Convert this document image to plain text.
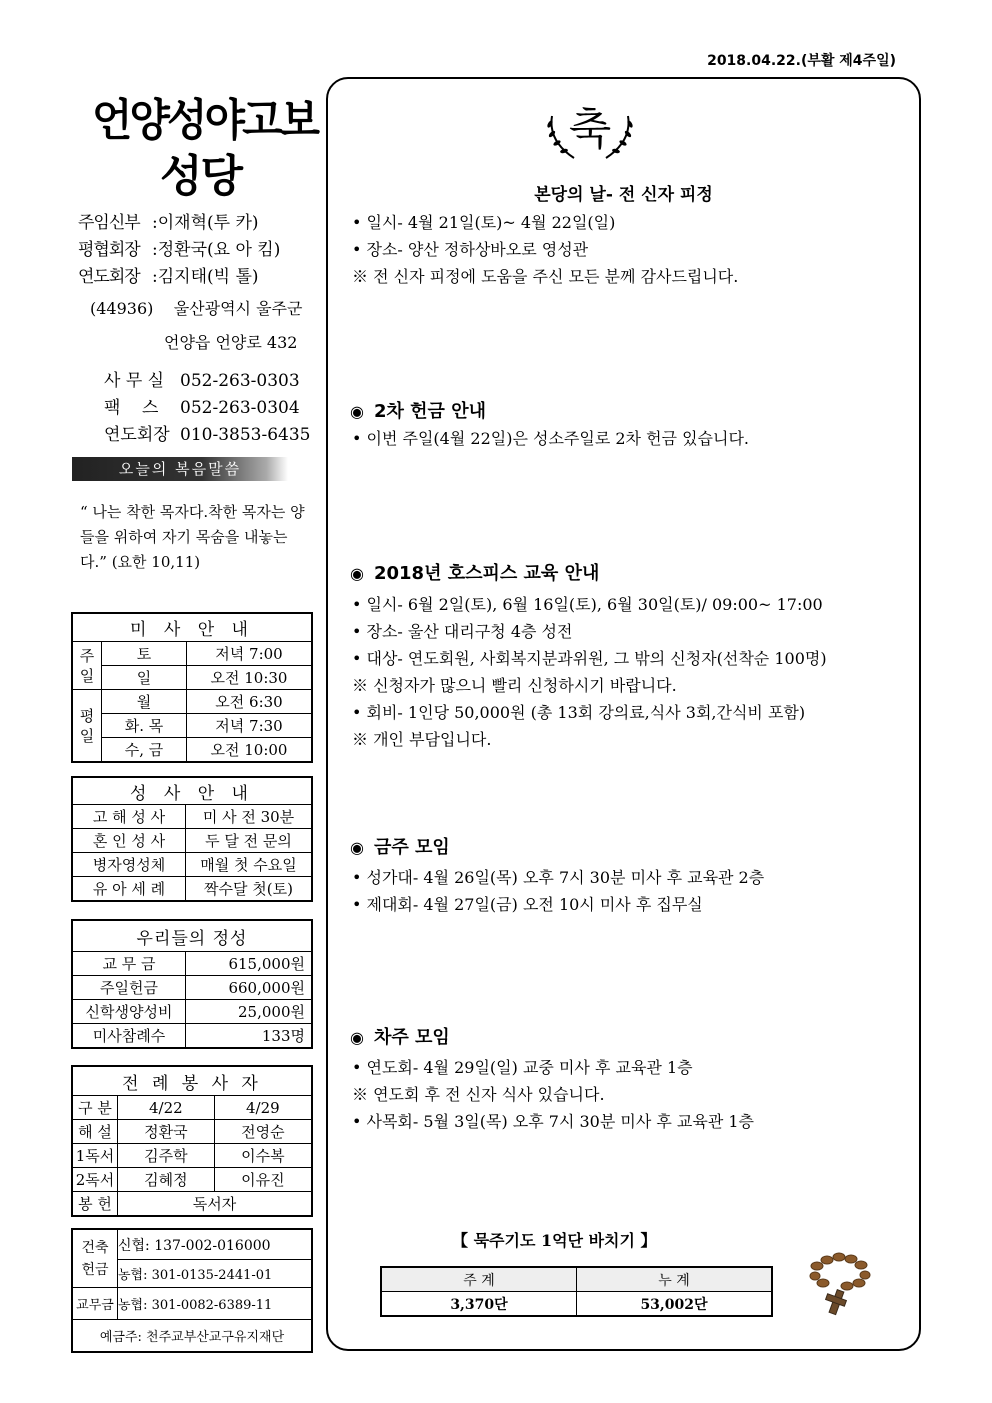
2018.04.22.(부활 제4주일)
언양성야고보
성당
주임신부 :이재혁(투 카)
평협회장 :정환국(요 아 킴)
연도회장 :김지태(빅 톨)
(44936)    울산광역시 울주군
언양읍 언양로 432
사 무 실 052-263-0303
팩    스 052-263-0304
연도회장 010-3853-6435
오늘의 복음말씀
“ 나는 착한 목자다.착한 목자는 양들을 위하여 자기 목숨을 내놓는다.” (요한 10,11)
미 사 안 내		
주일	토	저녁 7:00
	일	오전 10:30
평일	월	오전 6:30
	화. 목	저녁 7:30
	수, 금	오전 10:00
성 사 안 내	
고 해 성 사	미 사 전 30분
혼 인 성 사	두 달 전 문의
병자영성체	매월 첫 수요일
유 아 세 례	짝수달 첫(토)
우리들의 정성	
교 무 금	615,000원
주일헌금	660,000원
신학생양성비	25,000원
미사참례수	133명
전 례 봉 사 자		
구 분	4/22	4/29
해 설	정환국	전영순
1독서	김주학	이수복
2독서	김혜정	이유진
봉 헌	독서자	
건축
헌금	신협: 137-002-016000
	농협: 301-0135-2441-01
교무금	농협: 301-0082-6389-11
예금주: 천주교부산교구유지재단	
축
본당의 날- 전 신자 피정
• 일시- 4월 21일(토)~ 4월 22일(일)
• 장소- 양산 정하상바오로 영성관
※ 전 신자 피정에 도움을 주신 모든 분께 감사드립니다.
◉ 2차 헌금 안내
• 이번 주일(4월 22일)은 성소주일로 2차 헌금 있습니다.
◉ 2018년 호스피스 교육 안내
• 일시- 6월 2일(토), 6월 16일(토), 6월 30일(토)/ 09:00~ 17:00
• 장소- 울산 대리구청 4층 성전
• 대상- 연도회원, 사회복지분과위원, 그 밖의 신청자(선착순 100명)
※ 신청자가 많으니 빨리 신청하시기 바랍니다.
• 회비- 1인당 50,000원 (총 13회 강의료,식사 3회,간식비 포함)
※ 개인 부담입니다.
◉ 금주 모임
• 성가대- 4월 26일(목) 오후 7시 30분 미사 후 교육관 2층
• 제대회- 4월 27일(금) 오전 10시 미사 후 집무실
◉ 차주 모임
• 연도회- 4월 29일(일) 교중 미사 후 교육관 1층
※ 연도회 후 전 신자 식사 있습니다.
• 사목회- 5월 3일(목) 오후 7시 30분 미사 후 교육관 1층
【 묵주기도 1억단 바치기 】
주 계	누 계
3,370단	53,002단
